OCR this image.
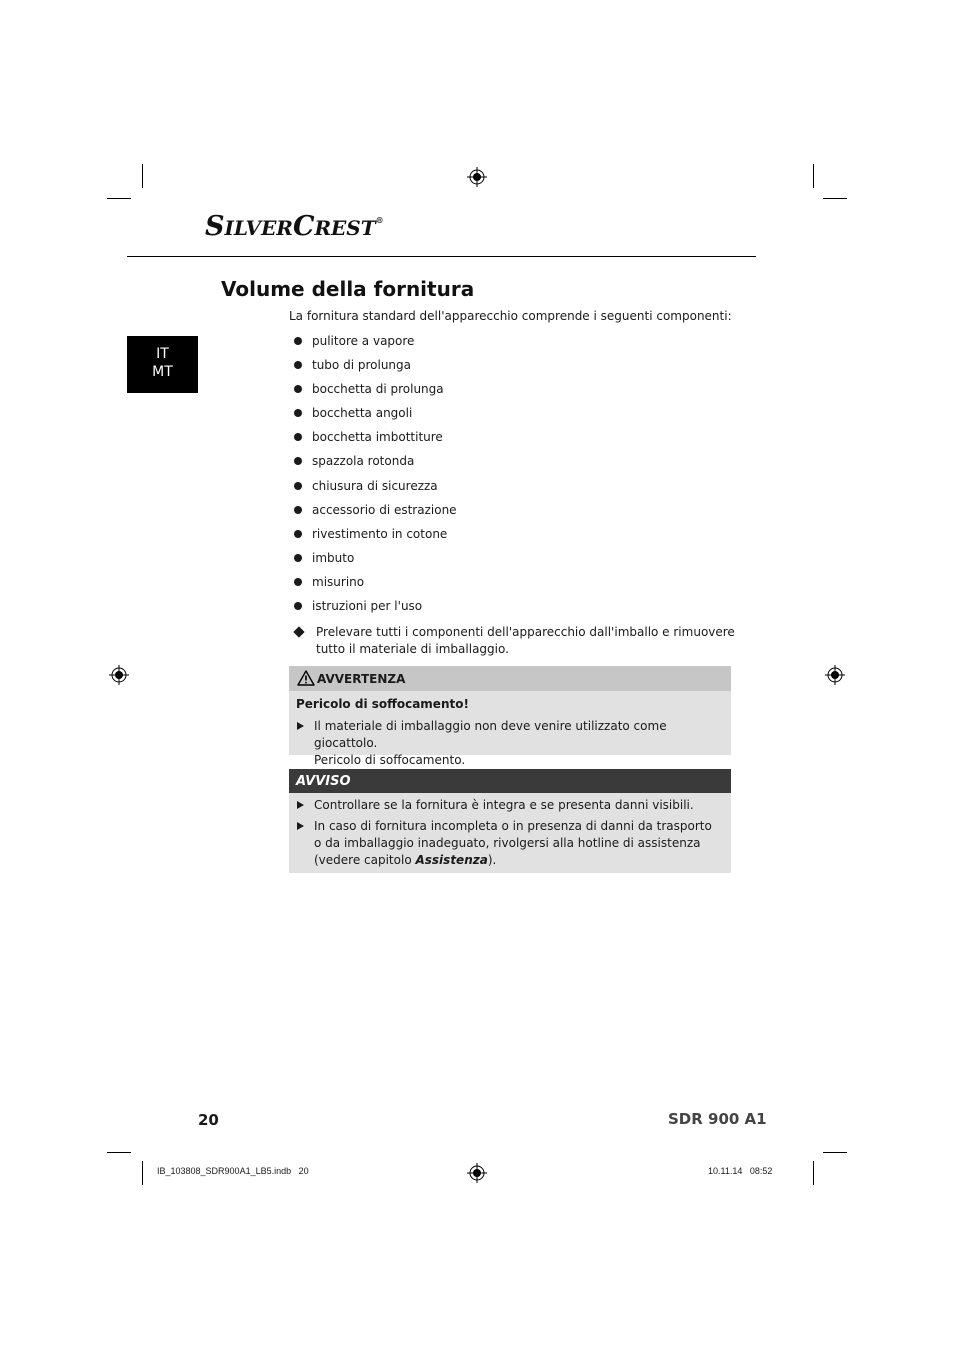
SILVERCREST®
Volume della fornitura
IT
MT
La fornitura standard dell'apparecchio comprende i seguenti componenti:
pulitore a vapore
tubo di prolunga
bocchetta di prolunga
bocchetta angoli
bocchetta imbottiture
spazzola rotonda
chiusura di sicurezza
accessorio di estrazione
rivestimento in cotone
imbuto
misurino
istruzioni per l'uso
Prelevare tutti i componenti dell'apparecchio dall'imballo e rimuovere
tutto il materiale di imballaggio.
AVVERTENZA
Pericolo di soffocamento!
Il materiale di imballaggio non deve venire utilizzato come giocattolo.
Pericolo di soffocamento.
AVVISO
Controllare se la fornitura è integra e se presenta danni visibili.
In caso di fornitura incompleta o in presenza di danni da trasporto
o da imballaggio inadeguato, rivolgersi alla hotline di assistenza
(vedere capitolo Assistenza).
20	SDR 900 A1
IB_103808_SDR900A1_LB5.indb   20	10.11.14   08:52
